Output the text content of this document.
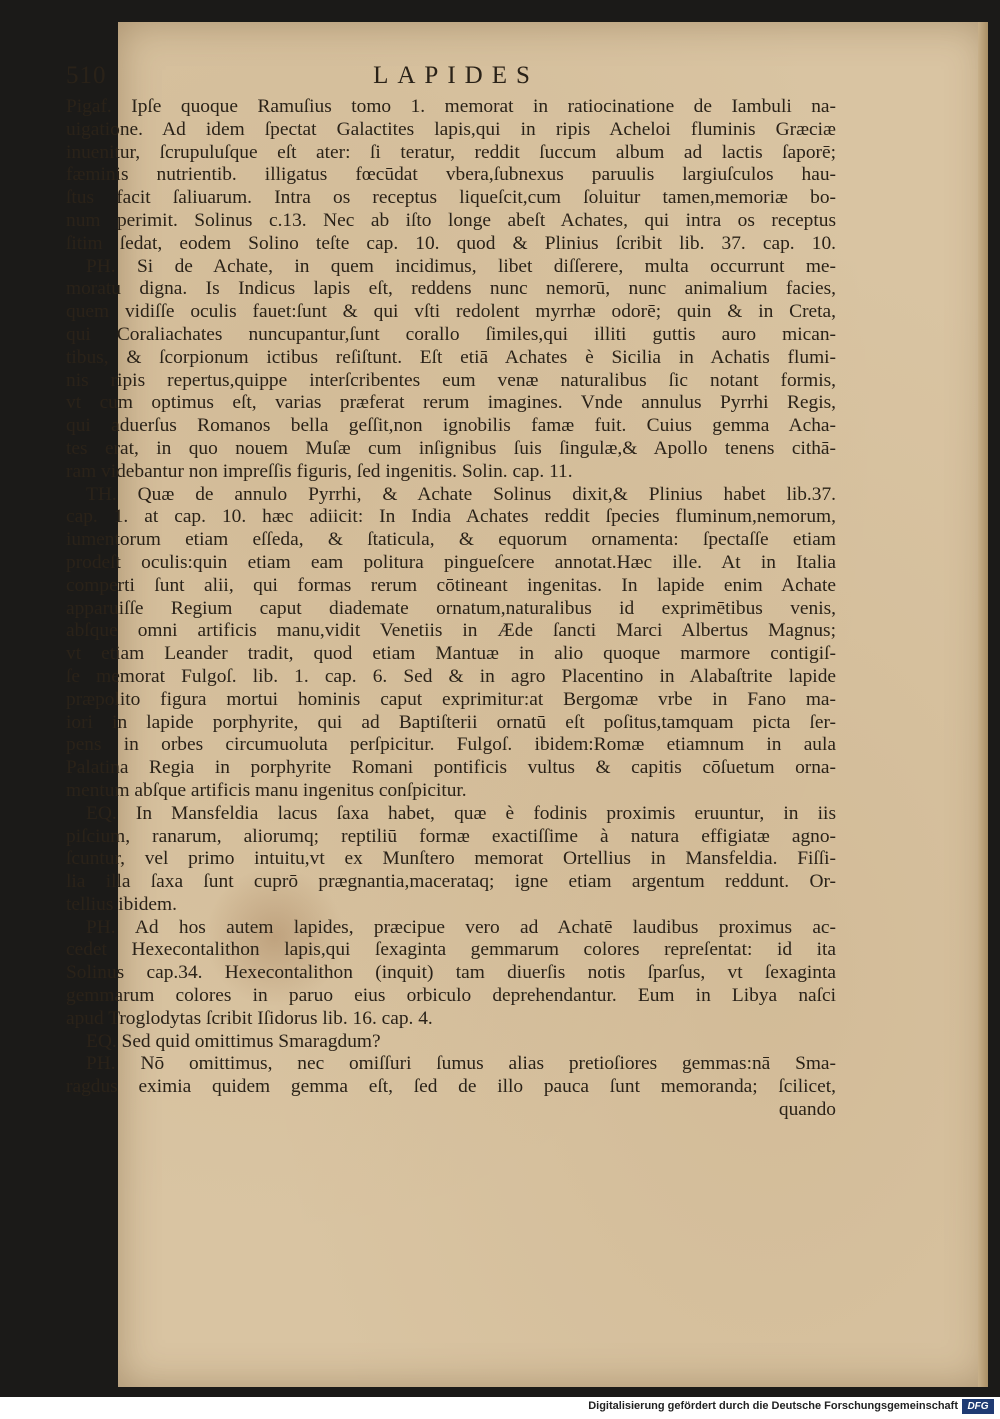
LAPIDES
510
Pigaf. Ipſe quoque Ramuſius tomo 1. memorat in ratiocinatione de Iambuli na-
uigatione. Ad idem ſpectat Galactites lapis,qui in ripis Acheloi fluminis Græciæ
inuenitur, ſcrupuluſque eſt ater: ſi teratur, reddit ſuccum album ad lactis ſaporē;
fæminis nutrientib. illigatus fœcūdat vbera,ſubnexus paruulis largiuſculos hau-
ſtus facit ſaliuarum. Intra os receptus liqueſcit,cum ſoluitur tamen,memoriæ bo-
num perimit. Solinus c.13. Nec ab iſto longe abeſt Achates, qui intra os receptus
ſitim ſedat, eodem Solino teſte cap. 10. quod & Plinius ſcribit lib. 37. cap. 10.
PH. Si de Achate, in quem incidimus, libet diſſerere, multa occurrunt me-
moratu digna. Is Indicus lapis eſt, reddens nunc nemorū, nunc animalium facies,
quem vidiſſe oculis fauet:ſunt & qui vſti redolent myrrhæ odorē; quin & in Creta,
qui Coraliachates nuncupantur,ſunt corallo ſimiles,qui illiti guttis auro mican-
tibus, & ſcorpionum ictibus reſiſtunt. Eſt etiā Achates è Sicilia in Achatis flumi-
nis ripis repertus,quippe interſcribentes eum venæ naturalibus ſic notant formis,
vt cum optimus eſt, varias præferat rerum imagines. Vnde annulus Pyrrhi Regis,
qui aduerſus Romanos bella geſſit,non ignobilis famæ fuit. Cuius gemma Acha-
tes erat, in quo nouem Muſæ cum inſignibus ſuis ſingulæ,& Apollo tenens cithā-
ram videbantur non impreſſis figuris, ſed ingenitis. Solin. cap. 11.
TH. Quæ de annulo Pyrrhi, & Achate Solinus dixit,& Plinius habet lib.37.
cap. 1. at cap. 10. hæc adiicit: In India Achates reddit ſpecies fluminum,nemorum,
iumentorum etiam eſſeda, & ſtaticula, & equorum ornamenta: ſpectaſſe etiam
prodeſt oculis:quin etiam eam politura pingueſcere annotat.Hæc ille. At in Italia
comperti ſunt alii, qui formas rerum cōtineant ingenitas. In lapide enim Achate
apparuiſſe Regium caput diademate ornatum,naturalibus id exprimētibus venis,
abſque omni artificis manu,vidit Venetiis in Æde ſancti Marci Albertus Magnus;
vt etiam Leander tradit, quod etiam Mantuæ in alio quoque marmore contigiſ-
ſe memorat Fulgoſ. lib. 1. cap. 6. Sed & in agro Placentino in Alabaſtrite lapide
præpolito figura mortui hominis caput exprimitur:at Bergomæ vrbe in Fano ma-
iori in lapide porphyrite, qui ad Baptiſterii ornatū eſt poſitus,tamquam picta ſer-
pens in orbes circumuoluta perſpicitur. Fulgoſ. ibidem:Romæ etiamnum in aula
Palatina Regia in porphyrite Romani pontificis vultus & capitis cōſuetum orna-
mentum abſque artificis manu ingenitus conſpicitur.
EQ. In Mansfeldia lacus ſaxa habet, quæ è fodinis proximis eruuntur, in iis
piſcium, ranarum, aliorumq; reptiliū formæ exactiſſime à natura effigiatæ agno-
ſcuntur, vel primo intuitu,vt ex Munſtero memorat Ortellius in Mansfeldia. Fiſſi-
lia illa ſaxa ſunt cuprō prægnantia,macerataq; igne etiam argentum reddunt. Or-
tellius ibidem.
PH. Ad hos autem lapides, præcipue vero ad Achatē laudibus proximus ac-
cedet Hexecontalithon lapis,qui ſexaginta gemmarum colores repreſentat: id ita
Solinus cap.34. Hexecontalithon (inquit) tam diuerſis notis ſparſus, vt ſexaginta
gemmarum colores in paruo eius orbiculo deprehendantur. Eum in Libya naſci
apud Troglodytas ſcribit Iſidorus lib. 16. cap. 4.
EQ. Sed quid omittimus Smaragdum?
PH. Nō omittimus, nec omiſſuri ſumus alias pretioſiores gemmas:nā Sma-
ragdus eximia quidem gemma eſt, ſed de illo pauca ſunt memoranda; ſcilicet,
quando
Digitalisierung gefördert durch die Deutsche Forschungsgemeinschaft DFG
